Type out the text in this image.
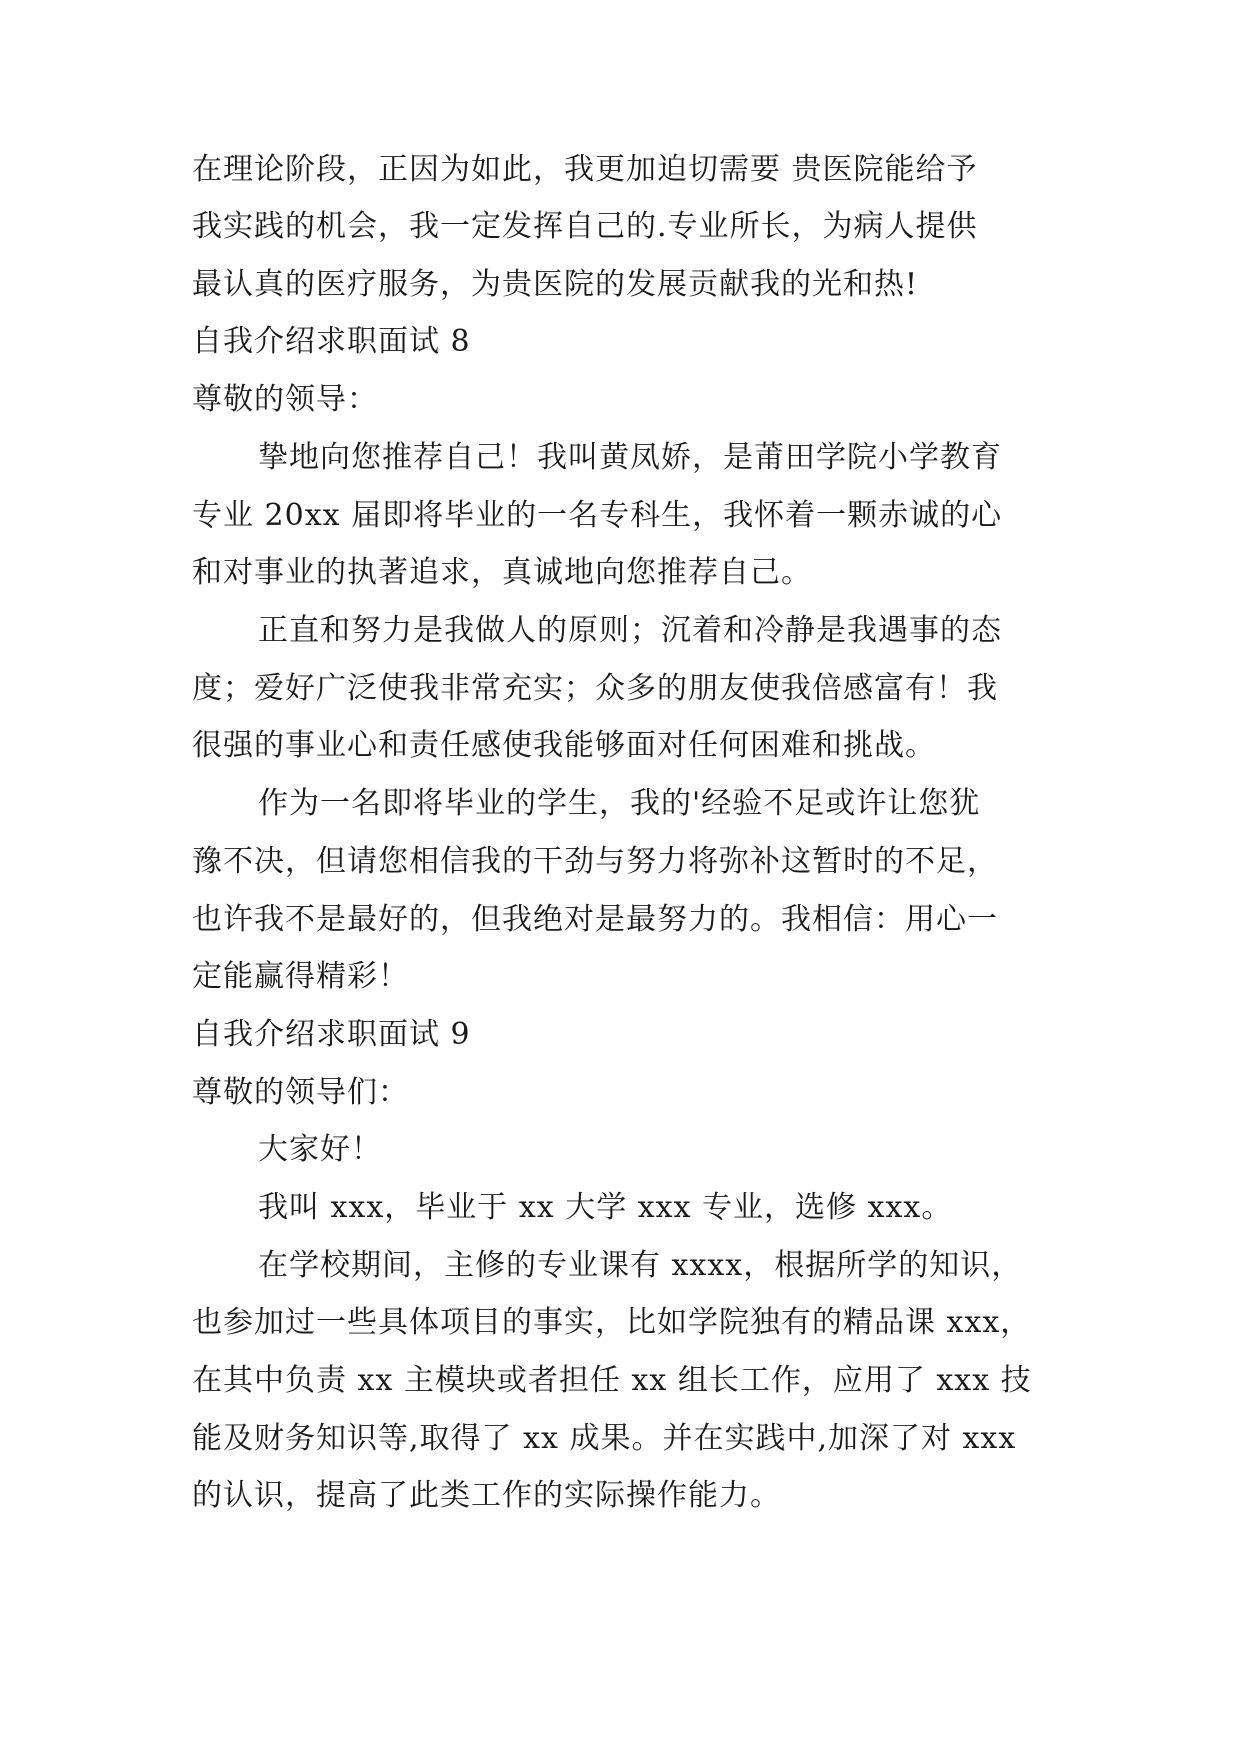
在理论阶段，正因为如此，我更加迫切需要 贵医院能给予
我实践的机会，我一定发挥自己的.专业所长，为病人提供
最认真的医疗服务，为贵医院的发展贡献我的光和热!
自我介绍求职面试 8
尊敬的领导：
挚地向您推荐自己！我叫黄凤娇，是莆田学院小学教育
专业 20xx 届即将毕业的一名专科生，我怀着一颗赤诚的心
和对事业的执著追求，真诚地向您推荐自己。
正直和努力是我做人的原则；沉着和冷静是我遇事的态
度；爱好广泛使我非常充实；众多的朋友使我倍感富有！我
很强的事业心和责任感使我能够面对任何困难和挑战。
作为一名即将毕业的学生，我的'经验不足或许让您犹
豫不决，但请您相信我的干劲与努力将弥补这暂时的不足，
也许我不是最好的，但我绝对是最努力的。我相信：用心一
定能赢得精彩！
自我介绍求职面试 9
尊敬的领导们：
大家好！
我叫 xxx，毕业于 xx 大学 xxx 专业，选修 xxx。
在学校期间，主修的专业课有 xxxx，根据所学的知识，
也参加过一些具体项目的事实，比如学院独有的精品课 xxx，
在其中负责 xx 主模块或者担任 xx 组长工作，应用了 xxx 技
能及财务知识等,取得了 xx 成果。并在实践中,加深了对 xxx
的认识，提高了此类工作的实际操作能力。
